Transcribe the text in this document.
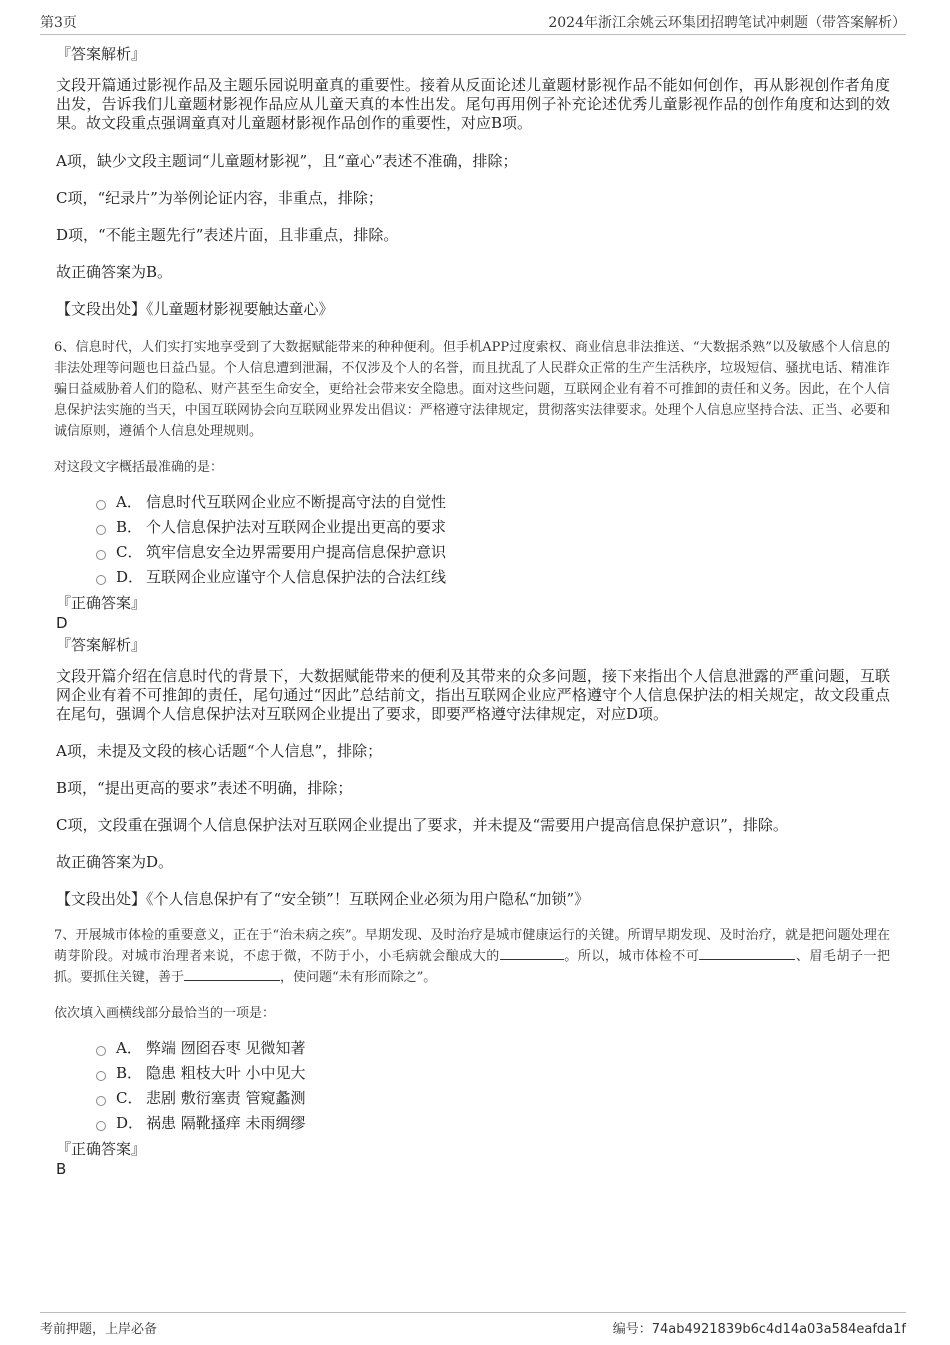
第3页	2024年浙江余姚云环集团招聘笔试冲刺题（带答案解析）

『答案解析』

文段开篇通过影视作品及主题乐园说明童真的重要性。接着从反面论述儿童题材影视作品不能如何创作，再从影视创作者角度出发，告诉我们儿童题材影视作品应从儿童天真的本性出发。尾句再用例子补充论述优秀儿童影视作品的创作角度和达到的效果。故文段重点强调童真对儿童题材影视作品创作的重要性，对应B项。

A项，缺少文段主题词“儿童题材影视”，且“童心”表述不准确，排除；

C项，“纪录片”为举例论证内容，非重点，排除；

D项，“不能主题先行”表述片面，且非重点，排除。

故正确答案为B。

【文段出处】《儿童题材影视要触达童心》

6、信息时代，人们实打实地享受到了大数据赋能带来的种种便利。但手机APP过度索权、商业信息非法推送、“大数据杀熟”以及敏感个人信息的非法处理等问题也日益凸显。个人信息遭到泄漏，不仅涉及个人的名誉，而且扰乱了人民群众正常的生产生活秩序，垃圾短信、骚扰电话、精准诈骗日益威胁着人们的隐私、财产甚至生命安全，更给社会带来安全隐患。面对这些问题，互联网企业有着不可推卸的责任和义务。因此，在个人信息保护法实施的当天，中国互联网协会向互联网业界发出倡议：严格遵守法律规定，贯彻落实法律要求。处理个人信息应坚持合法、正当、必要和诚信原则，遵循个人信息处理规则。

对这段文字概括最准确的是：

A． 信息时代互联网企业应不断提高守法的自觉性
B． 个人信息保护法对互联网企业提出更高的要求
C． 筑牢信息安全边界需要用户提高信息保护意识
D． 互联网企业应谨守个人信息保护法的合法红线

『正确答案』

D

『答案解析』

文段开篇介绍在信息时代的背景下，大数据赋能带来的便利及其带来的众多问题，接下来指出个人信息泄露的严重问题，互联网企业有着不可推卸的责任，尾句通过“因此”总结前文，指出互联网企业应严格遵守个人信息保护法的相关规定，故文段重点在尾句，强调个人信息保护法对互联网企业提出了要求，即要严格遵守法律规定，对应D项。

A项，未提及文段的核心话题“个人信息”，排除；

B项，“提出更高的要求”表述不明确，排除；

C项，文段重在强调个人信息保护法对互联网企业提出了要求，并未提及“需要用户提高信息保护意识”，排除。

故正确答案为D。

【文段出处】《个人信息保护有了“安全锁”！互联网企业必须为用户隐私“加锁”》

7、开展城市体检的重要意义，正在于“治未病之疾”。早期发现、及时治疗是城市健康运行的关键。所谓早期发现、及时治疗，就是把问题处理在萌芽阶段。对城市治理者来说，不虑于微，不防于小，小毛病就会酿成大的	。所以，城市体检不可	、眉毛胡子一把抓。要抓住关键，善于	，使问题“未有形而除之”。

依次填入画横线部分最恰当的一项是：

A． 弊端 囫囵吞枣 见微知著
B． 隐患 粗枝大叶 小中见大
C． 悲剧 敷衍塞责 管窥蠡测
D． 祸患 隔靴搔痒 未雨绸缪

『正确答案』

B

考前押题，上岸必备	编号：74ab4921839b6c4d14a03a584eafda1f
